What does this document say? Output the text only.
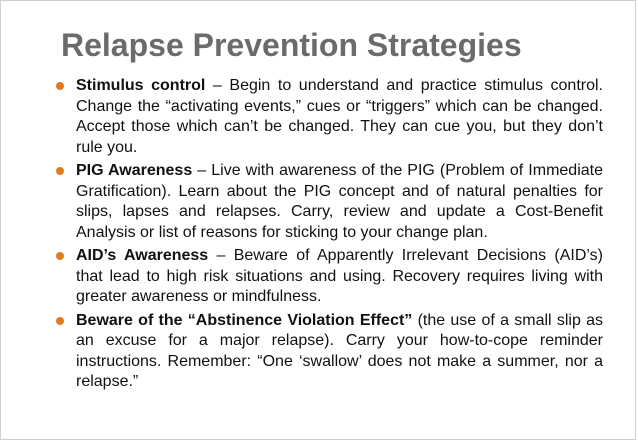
Relapse Prevention Strategies
Stimulus control – Begin to understand and practice stimulus control. Change the “activating events,” cues or “triggers” which can be changed. Accept those which can’t be changed. They can cue you, but they don’t rule you.
PIG Awareness – Live with awareness of the PIG (Problem of Immediate Gratification). Learn about the PIG concept and of natural penalties for slips, lapses and relapses. Carry, review and update a Cost-Benefit Analysis or list of reasons for sticking to your change plan.
AID’s Awareness – Beware of Apparently Irrelevant Decisions (AID’s) that lead to high risk situations and using. Recovery requires living with greater awareness or mindfulness.
Beware of the “Abstinence Violation Effect” (the use of a small slip as an excuse for a major relapse). Carry your how-to-cope reminder instructions. Remember: “One ‘swallow’ does not make a summer, nor a relapse.”
